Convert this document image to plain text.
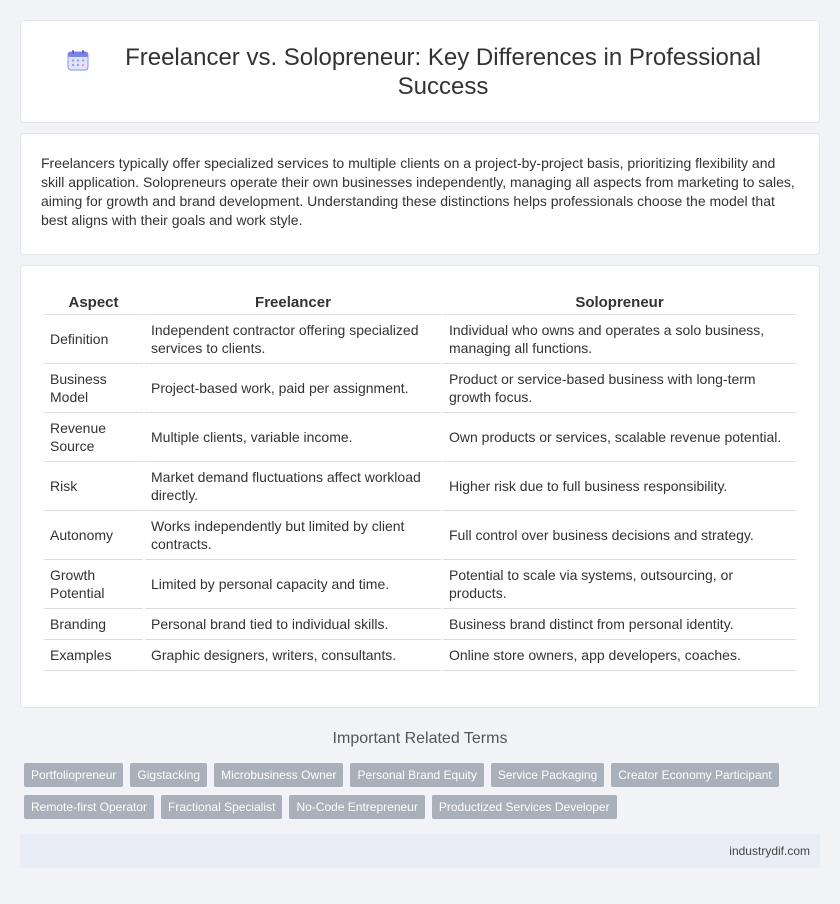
Freelancer vs. Solopreneur: Key Differences in Professional Success

Freelancers typically offer specialized services to multiple clients on a project-by-project basis, prioritizing flexibility and skill application. Solopreneurs operate their own businesses independently, managing all aspects from marketing to sales, aiming for growth and brand development. Understanding these distinctions helps professionals choose the model that best aligns with their goals and work style.

Aspect	Freelancer	Solopreneur
Definition	Independent contractor offering specialized services to clients.	Individual who owns and operates a solo business, managing all functions.
Business Model	Project-based work, paid per assignment.	Product or service-based business with long-term growth focus.
Revenue Source	Multiple clients, variable income.	Own products or services, scalable revenue potential.
Risk	Market demand fluctuations affect workload directly.	Higher risk due to full business responsibility.
Autonomy	Works independently but limited by client contracts.	Full control over business decisions and strategy.
Growth Potential	Limited by personal capacity and time.	Potential to scale via systems, outsourcing, or products.
Branding	Personal brand tied to individual skills.	Business brand distinct from personal identity.
Examples	Graphic designers, writers, consultants.	Online store owners, app developers, coaches.
Important Related Terms
Portfoliopreneur	Gigstacking	Microbusiness Owner	Personal Brand Equity	Service Packaging	Creator Economy Participant
Remote-first Operator	Fractional Specialist	No-Code Entrepreneur	Productized Services Developer
industrydif.com
